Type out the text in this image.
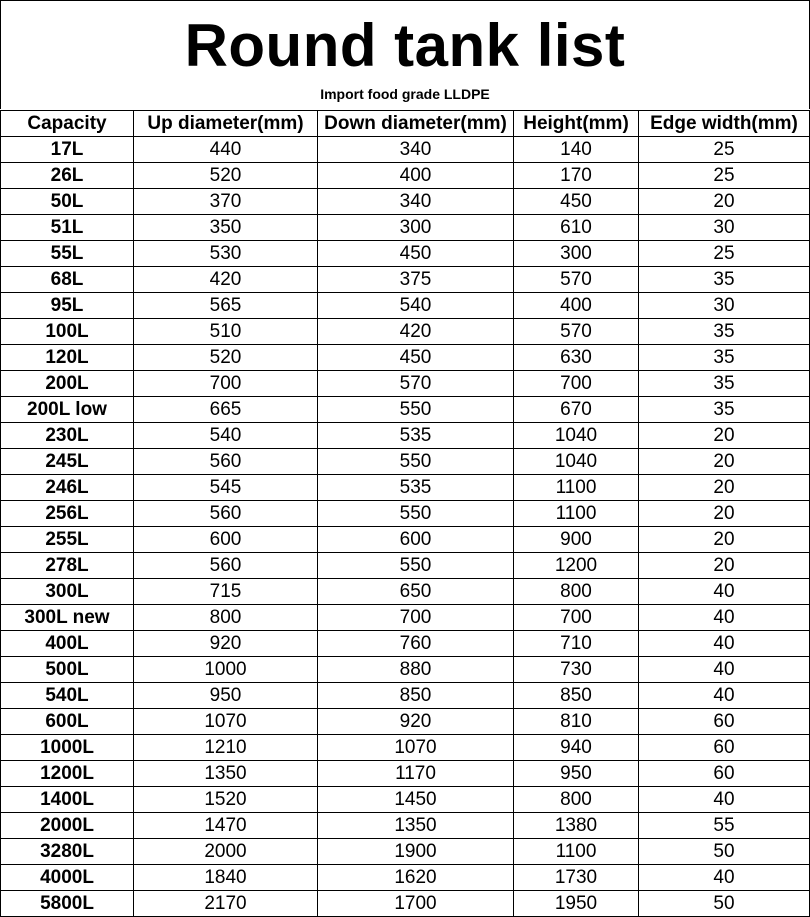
Round tank list
Import food grade LLDPE
Capacity	Up diameter(mm)	Down diameter(mm)	Height(mm)	Edge width(mm)
17L	440	340	140	25
26L	520	400	170	25
50L	370	340	450	20
51L	350	300	610	30
55L	530	450	300	25
68L	420	375	570	35
95L	565	540	400	30
100L	510	420	570	35
120L	520	450	630	35
200L	700	570	700	35
200L low	665	550	670	35
230L	540	535	1040	20
245L	560	550	1040	20
246L	545	535	1100	20
256L	560	550	1100	20
255L	600	600	900	20
278L	560	550	1200	20
300L	715	650	800	40
300L new	800	700	700	40
400L	920	760	710	40
500L	1000	880	730	40
540L	950	850	850	40
600L	1070	920	810	60
1000L	1210	1070	940	60
1200L	1350	1170	950	60
1400L	1520	1450	800	40
2000L	1470	1350	1380	55
3280L	2000	1900	1100	50
4000L	1840	1620	1730	40
5800L	2170	1700	1950	50
